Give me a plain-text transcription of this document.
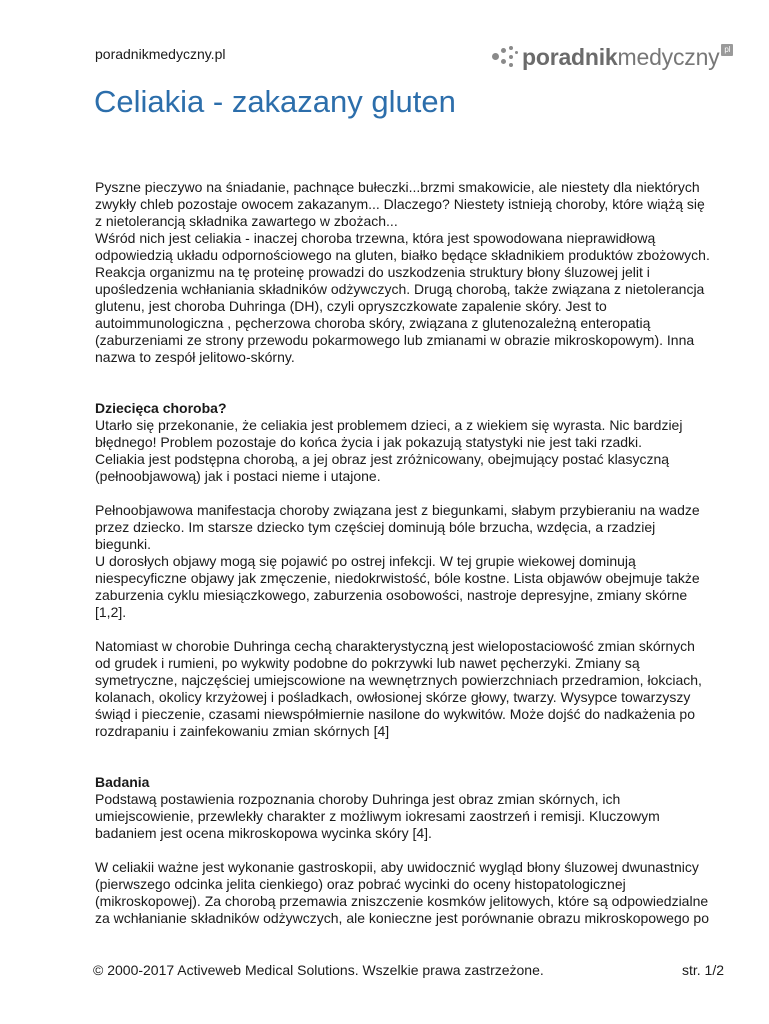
poradnikmedyczny.pl	poradnikmedyczny pl
Celiakia - zakazany gluten

Pyszne pieczywo na śniadanie, pachnące bułeczki...brzmi smakowicie, ale niestety dla niektórych
zwykły chleb pozostaje owocem zakazanym... Dlaczego? Niestety istnieją choroby, które wiążą się
z nietolerancją składnika zawartego w zbożach...

Wśród nich jest celiakia - inaczej choroba trzewna, która jest spowodowana nieprawidłową
odpowiedzią układu odpornościowego na gluten, białko będące składnikiem produktów zbożowych.
Reakcja organizmu na tę proteinę prowadzi do uszkodzenia struktury błony śluzowej jelit i
upośledzenia wchłaniania składników odżywczych. Drugą chorobą, także związana z nietolerancja
glutenu, jest choroba Duhringa (DH), czyli opryszczkowate zapalenie skóry. Jest to
autoimmunologiczna , pęcherzowa choroba skóry, związana z glutenozależną enteropatią
(zaburzeniami ze strony przewodu pokarmowego lub zmianami w obrazie mikroskopowym). Inna
nazwa to zespół jelitowo-skórny.

Dziecięca choroba?

Utarło się przekonanie, że celiakia jest problemem dzieci, a z wiekiem się wyrasta. Nic bardziej
błędnego! Problem pozostaje do końca życia i jak pokazują statystyki nie jest taki rzadki.

Celiakia jest podstępna chorobą, a jej obraz jest zróżnicowany, obejmujący postać klasyczną
(pełnoobjawową) jak i postaci nieme i utajone.

Pełnoobjawowa manifestacja choroby związana jest z biegunkami, słabym przybieraniu na wadze
przez dziecko. Im starsze dziecko tym częściej dominują bóle brzucha, wzdęcia, a rzadziej
biegunki.

U dorosłych objawy mogą się pojawić po ostrej infekcji. W tej grupie wiekowej dominują
niespecyficzne objawy jak zmęczenie, niedokrwistość, bóle kostne. Lista objawów obejmuje także
zaburzenia cyklu miesiączkowego, zaburzenia osobowości, nastroje depresyjne, zmiany skórne
[1,2].

Natomiast w chorobie Duhringa cechą charakterystyczną jest wielopostaciowość zmian skórnych
od grudek i rumieni, po wykwity podobne do pokrzywki lub nawet pęcherzyki. Zmiany są
symetryczne, najczęściej umiejscowione na wewnętrznych powierzchniach przedramion, łokciach,
kolanach, okolicy krzyżowej i pośladkach, owłosionej skórze głowy, twarzy. Wysypce towarzyszy
świąd i pieczenie, czasami niewspółmiernie nasilone do wykwitów. Może dojść do nadkażenia po
rozdrapaniu i zainfekowaniu zmian skórnych [4]

Badania

Podstawą postawienia rozpoznania choroby Duhringa jest obraz zmian skórnych, ich
umiejscowienie, przewlekły charakter z możliwym iokresami zaostrzeń i remisji. Kluczowym
badaniem jest ocena mikroskopowa wycinka skóry [4].

W celiakii ważne jest wykonanie gastroskopii, aby uwidocznić wygląd błony śluzowej dwunastnicy
(pierwszego odcinka jelita cienkiego) oraz pobrać wycinki do oceny histopatologicznej
(mikroskopowej). Za chorobą przemawia zniszczenie kosmków jelitowych, które są odpowiedzialne
za wchłanianie składników odżywczych, ale konieczne jest porównanie obrazu mikroskopowego po

© 2000-2017 Activeweb Medical Solutions. Wszelkie prawa zastrzeżone.	str. 1/2
